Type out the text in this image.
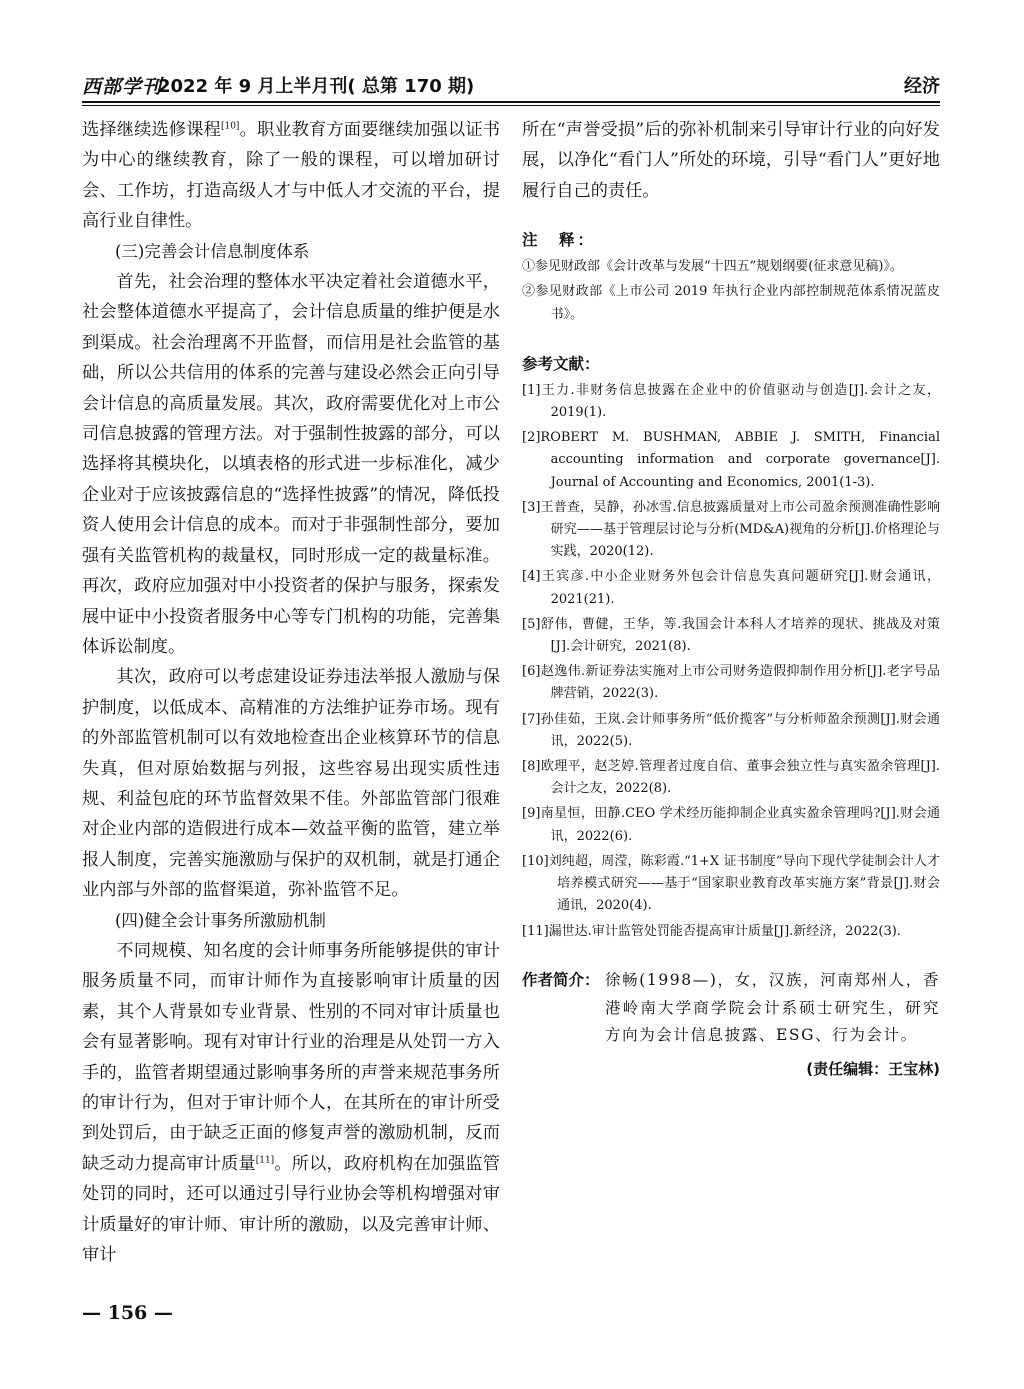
西部学刊
2022 年 9 月上半月刊( 总第 170 期)	经济

选择继续选修课程[10]。职业教育方面要继续加强以证书为中心的继续教育，除了一般的课程，可以增加研讨会、工作坊，打造高级人才与中低人才交流的平台，提高行业自律性。

(三)完善会计信息制度体系

首先，社会治理的整体水平决定着社会道德水平，社会整体道德水平提高了，会计信息质量的维护便是水到渠成。社会治理离不开监督，而信用是社会监管的基础，所以公共信用的体系的完善与建设必然会正向引导会计信息的高质量发展。其次，政府需要优化对上市公司信息披露的管理方法。对于强制性披露的部分，可以选择将其模块化，以填表格的形式进一步标准化，减少企业对于应该披露信息的“选择性披露”的情况，降低投资人使用会计信息的成本。而对于非强制性部分，要加强有关监管机构的裁量权，同时形成一定的裁量标准。再次，政府应加强对中小投资者的保护与服务，探索发展中证中小投资者服务中心等专门机构的功能，完善集体诉讼制度。

其次，政府可以考虑建设证券违法举报人激励与保护制度，以低成本、高精准的方法维护证券市场。现有的外部监管机制可以有效地检查出企业核算环节的信息失真，但对原始数据与列报，这些容易出现实质性违规、利益包庇的环节监督效果不佳。外部监管部门很难对企业内部的造假进行成本—效益平衡的监管，建立举报人制度，完善实施激励与保护的双机制，就是打通企业内部与外部的监督渠道，弥补监管不足。

(四)健全会计事务所激励机制

不同规模、知名度的会计师事务所能够提供的审计服务质量不同，而审计师作为直接影响审计质量的因素，其个人背景如专业背景、性别的不同对审计质量也会有显著影响。现有对审计行业的治理是从处罚一方入手的，监管者期望通过影响事务所的声誉来规范事务所的审计行为，但对于审计师个人，在其所在的审计所受到处罚后，由于缺乏正面的修复声誉的激励机制，反而缺乏动力提高审计质量[11]。所以，政府机构在加强监管处罚的同时，还可以通过引导行业协会等机构增强对审计质量好的审计师、审计所的激励，以及完善审计师、审计

所在“声誉受损”后的弥补机制来引导审计行业的向好发展，以净化“看门人”所处的环境，引导“看门人”更好地履行自己的责任。

注　释：

①参见财政部《会计改革与发展“十四五”规划纲要(征求意见稿)》。

②参见财政部《上市公司 2019 年执行企业内部控制规范体系情况蓝皮书》。

参考文献：

[1]王力.非财务信息披露在企业中的价值驱动与创造[J].会计之友，2019(1).

[2]ROBERT M. BUSHMAN, ABBIE J. SMITH, Financial accounting information and corporate governance[J]. Journal of Accounting and Economics, 2001(1-3).

[3]王普查，吴静，孙冰雪.信息披露质量对上市公司盈余预测准确性影响研究——基于管理层讨论与分析(MD&A)视角的分析[J].价格理论与实践，2020(12).

[4]王宾彦.中小企业财务外包会计信息失真问题研究[J].财会通讯，2021(21).

[5]舒伟，曹健，王华，等.我国会计本科人才培养的现状、挑战及对策[J].会计研究，2021(8).

[6]赵逸伟.新证券法实施对上市公司财务造假抑制作用分析[J].老字号品牌营销，2022(3).

[7]孙佳茹，王岚.会计师事务所“低价揽客”与分析师盈余预测[J].财会通讯，2022(5).

[8]欧理平，赵芝婷.管理者过度自信、董事会独立性与真实盈余管理[J].会计之友，2022(8).

[9]南星恒，田静.CEO 学术经历能抑制企业真实盈余管理吗?[J].财会通讯，2022(6).

[10]刘纯超，周滢，陈彩霞.“1+X 证书制度”导向下现代学徒制会计人才培养模式研究——基于“国家职业教育改革实施方案”背景[J].财会通讯，2020(4).

[11]漏世达.审计监管处罚能否提高审计质量[J].新经济，2022(3).

作者简介： 徐畅(1998—)，女，汉族，河南郑州人，香港岭南大学商学院会计系硕士研究生，研究方向为会计信息披露、ESG、行为会计。
(责任编辑：王宝林)
— 156 —
